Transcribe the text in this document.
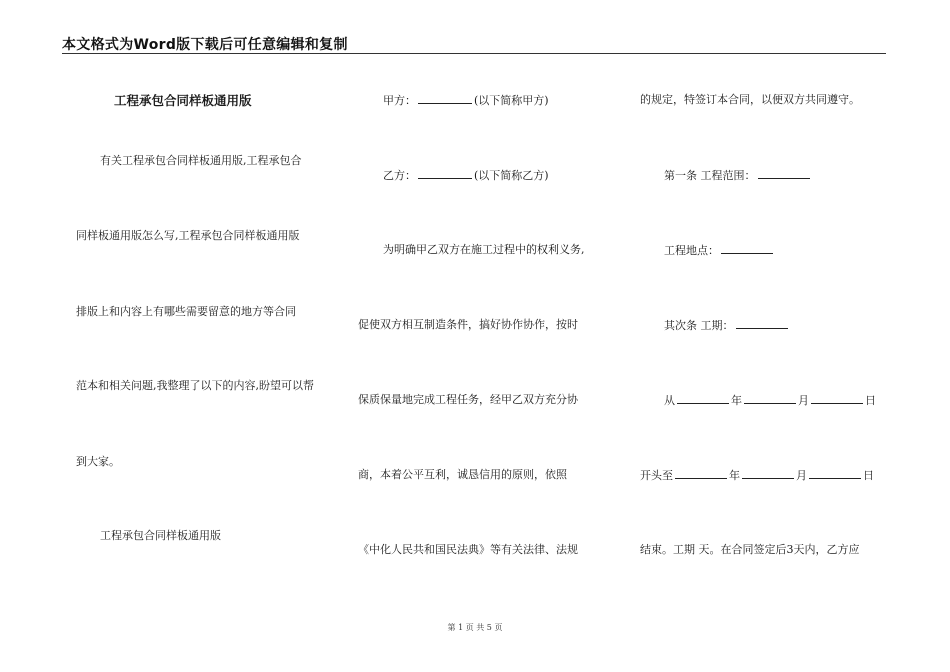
本文格式为Word版下载后可任意编辑和复制
工程承包合同样板通用版
有关工程承包合同样板通用版,工程承包合
同样板通用版怎么写,工程承包合同样板通用版
排版上和内容上有哪些需要留意的地方等合同
范本和相关问题,我整理了以下的内容,盼望可以帮
到大家。
工程承包合同样板通用版
甲方：	(以下简称甲方)
乙方：	(以下简称乙方)
为明确甲乙双方在施工过程中的权利义务,
促使双方相互制造条件，搞好协作协作，按时
保质保量地完成工程任务，经甲乙双方充分协
商，本着公平互利，诚恳信用的原则，依照
《中化人民共和国民法典》等有关法律、法规
的规定，特签订本合同，以便双方共同遵守。
第一条 工程范围：
工程地点：
其次条 工期：
从	年	月	日
开头至	年	月	日
结束。工期 天。在合同签定后3天内，乙方应
第 1 页 共 5 页
